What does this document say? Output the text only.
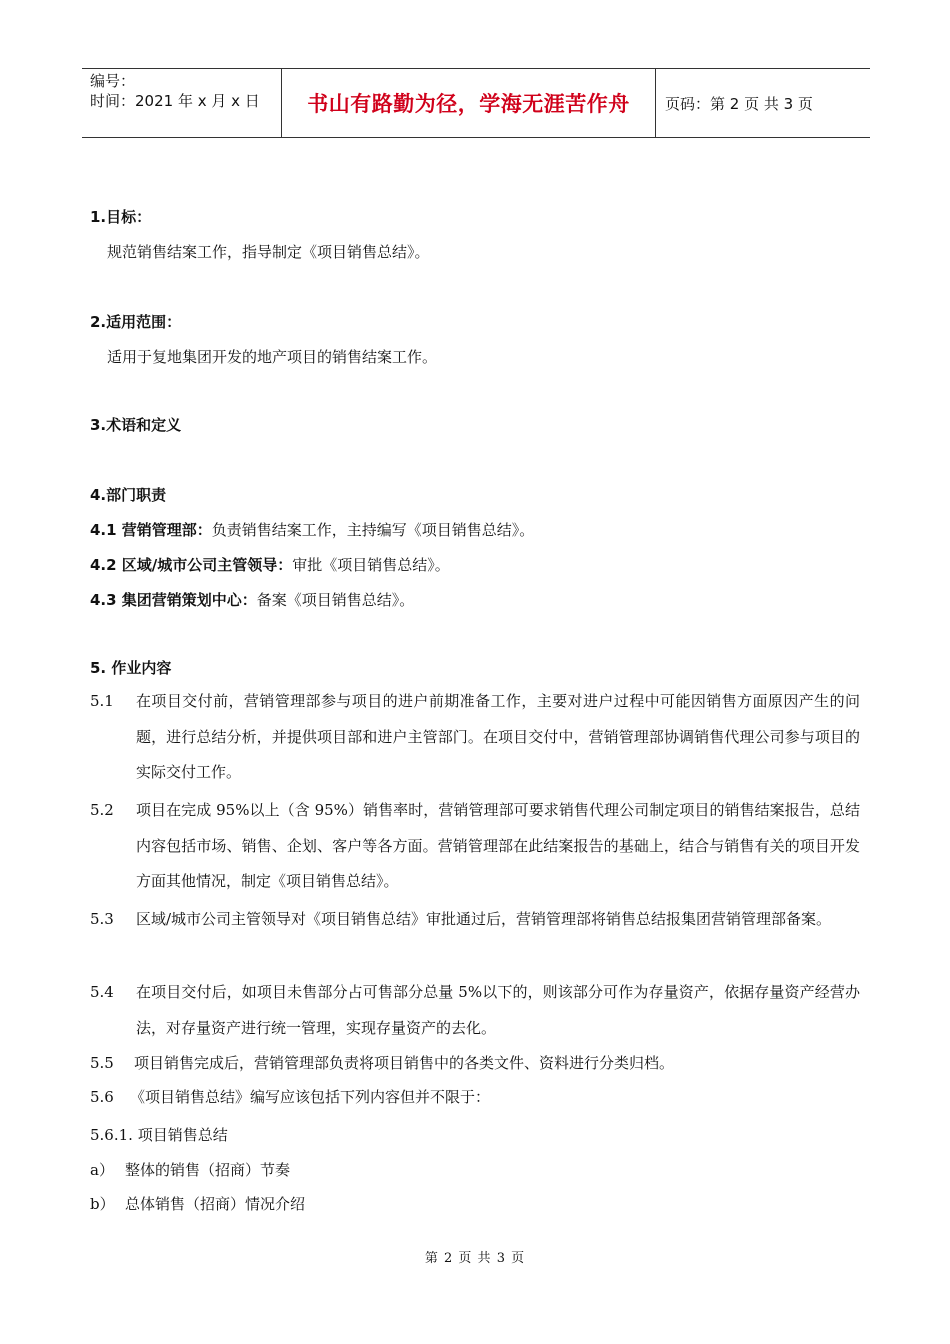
编号：
时间：2021 年 x 月 x 日	书山有路勤为径，学海无涯苦作舟	页码：第 2 页 共 3 页
1.目标：
规范销售结案工作，指导制定《项目销售总结》。
2.适用范围：
适用于复地集团开发的地产项目的销售结案工作。
3.术语和定义
4.部门职责
4.1 营销管理部：负责销售结案工作，主持编写《项目销售总结》。
4.2 区域/城市公司主管领导：审批《项目销售总结》。
4.3 集团营销策划中心：备案《项目销售总结》。
5. 作业内容
5.1 在项目交付前，营销管理部参与项目的进户前期准备工作，主要对进户过程中可能因销售方面原因产生的问题，进行总结分析，并提供项目部和进户主管部门。在项目交付中，营销管理部协调销售代理公司参与项目的实际交付工作。
5.2 项目在完成 95%以上（含 95%）销售率时，营销管理部可要求销售代理公司制定项目的销售结案报告，总结内容包括市场、销售、企划、客户等各方面。营销管理部在此结案报告的基础上，结合与销售有关的项目开发方面其他情况，制定《项目销售总结》。
5.3 区域/城市公司主管领导对《项目销售总结》审批通过后，营销管理部将销售总结报集团营销管理部备案。
5.4 在项目交付后，如项目未售部分占可售部分总量 5%以下的，则该部分可作为存量资产，依据存量资产经营办法，对存量资产进行统一管理，实现存量资产的去化。
5.5 项目销售完成后，营销管理部负责将项目销售中的各类文件、资料进行分类归档。
5.6 《项目销售总结》编写应该包括下列内容但并不限于：
5.6.1. 项目销售总结
a） 整体的销售（招商）节奏
b） 总体销售（招商）情况介绍
第 2 页 共 3 页
